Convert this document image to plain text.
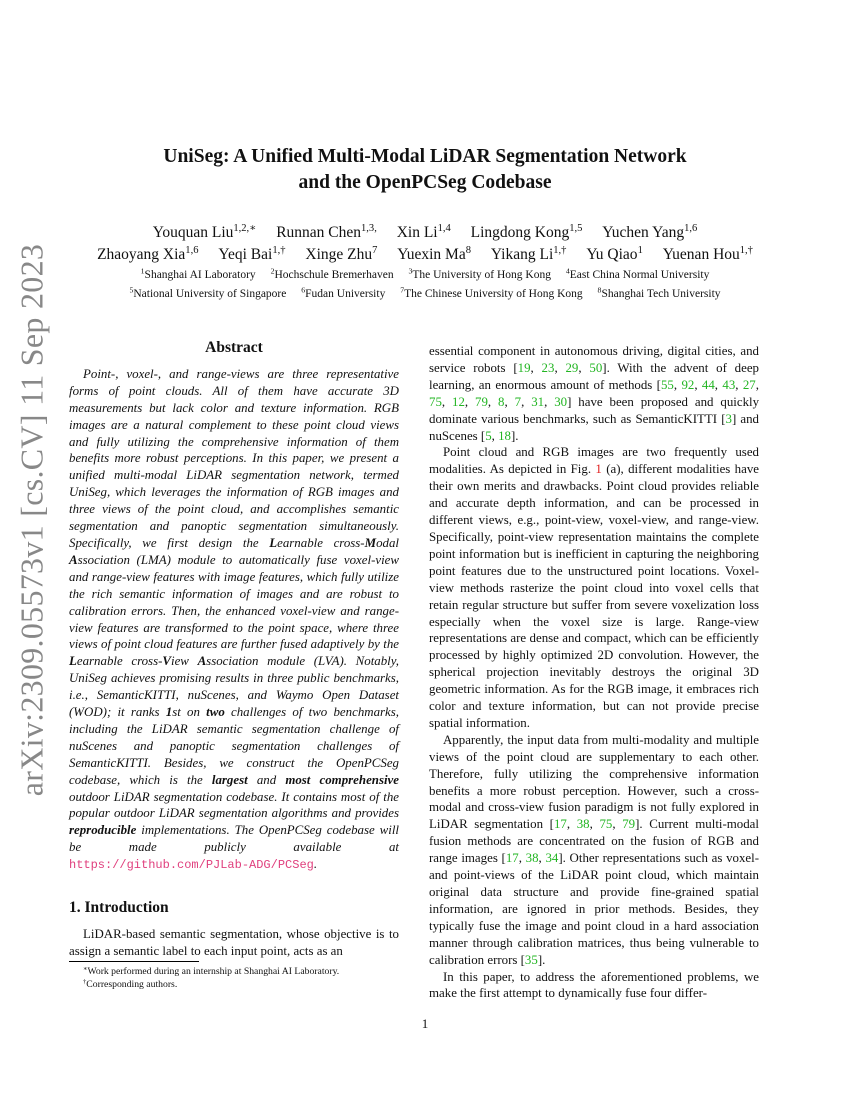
arXiv:2309.05573v1 [cs.CV] 11 Sep 2023
UniSeg: A Unified Multi-Modal LiDAR Segmentation Network
and the OpenPCSeg Codebase
Youquan Liu$^{1,2,∗}$ Runnan Chen$^{1,3,}$ Xin Li$^{1,4}$ Lingdong Kong$^{1,5}$ Yuchen Yang$^{1,6}$
Zhaoyang Xia$^{1,6}$ Yeqi Bai$^{1,\dagger}$ Xinge Zhu$^7$ Yuexin Ma$^8$ Yikang $Li^{1,\dagger}$ Yu Qiao$^1$ Yuenan Hou$^{1,\dagger}$
$^1$Shanghai AI Laboratory $^2$Hochschule Bremerhaven $^3$The University of Hong Kong $^4$East China Normal University
$^5$National University of Singapore $^6$Fudan University $^7$The Chinese University of Hong Kong $^8$Shanghai Tech University
Abstract

Point-, voxel-, and range-views are three representative forms of point clouds. All of them have accurate 3D measurements but lack color and texture information. RGB images are a natural complement to these point cloud views and fully utilizing the comprehensive information of them benefits more robust perceptions. In this paper, we present a unified multi-modal LiDAR segmentation network, termed UniSeg, which leverages the information of RGB images and three views of the point cloud, and accomplishes semantic segmentation and panoptic segmentation simultaneously. Specifically, we first design the Learnable cross-Modal Association (LMA) module to automatically fuse voxel-view and range-view features with image features, which fully utilize the rich semantic information of images and are robust to calibration errors. Then, the enhanced voxel-view and range-view features are transformed to the point space, where three views of point cloud features are further fused adaptively by the Learnable cross-View Association module (LVA). Notably, UniSeg achieves promising results in three public benchmarks, i.e., SemanticKITTI, nuScenes, and Waymo Open Dataset (WOD); it ranks 1st on two challenges of two benchmarks, including the LiDAR semantic segmentation challenge of nuScenes and panoptic segmentation challenges of SemanticKITTI. Besides, we construct the OpenPCSeg codebase, which is the largest and most comprehensive outdoor LiDAR segmentation codebase. It contains most of the popular outdoor LiDAR segmentation algorithms and provides reproducible implementations. The OpenPCSeg codebase will be made publicly available at https://github.com/PJLab-ADG/PCSeg.

1. Introduction

LiDAR-based semantic segmentation, whose objective is to assign a semantic label to each input point, acts as an

essential component in autonomous driving, digital cities, and service robots [19, 23, 29, 50]. With the advent of deep learning, an enormous amount of methods [55, 92, 44, 43, 27, 75, 12, 79, 8, 7, 31, 30] have been proposed and quickly dominate various benchmarks, such as SemanticKITTI [3] and nuScenes [5, 18].

Point cloud and RGB images are two frequently used modalities. As depicted in Fig. 1 (a), different modalities have their own merits and drawbacks. Point cloud provides reliable and accurate depth information, and can be processed in different views, e.g., point-view, voxel-view, and range-view. Specifically, point-view representation maintains the complete point information but is inefficient in capturing the neighboring point features due to the unstructured point locations. Voxel-view methods rasterize the point cloud into voxel cells that retain regular structure but suffer from severe voxelization loss especially when the voxel size is large. Range-view representations are dense and compact, which can be efficiently processed by highly optimized 2D convolution. However, the spherical projection inevitably destroys the original 3D geometric information. As for the RGB image, it embraces rich color and texture information, but can not provide precise spatial information.

Apparently, the input data from multi-modality and multiple views of the point cloud are supplementary to each other. Therefore, fully utilizing the comprehensive information benefits a more robust perception. However, such a cross-modal and cross-view fusion paradigm is not fully explored in LiDAR segmentation [17, 38, 75, 79]. Current multi-modal fusion methods are concentrated on the fusion of RGB and range images [17, 38, 34]. Other representations such as voxel- and point-views of the LiDAR point cloud, which maintain original data structure and provide fine-grained spatial information, are ignored in prior methods. Besides, they typically fuse the image and point cloud in a hard association manner through calibration matrices, thus being vulnerable to calibration errors [35].

In this paper, to address the aforementioned problems, we make the first attempt to dynamically fuse four differ-

∗Work performed during an internship at Shanghai AI Laboratory.
†Corresponding authors.
1
